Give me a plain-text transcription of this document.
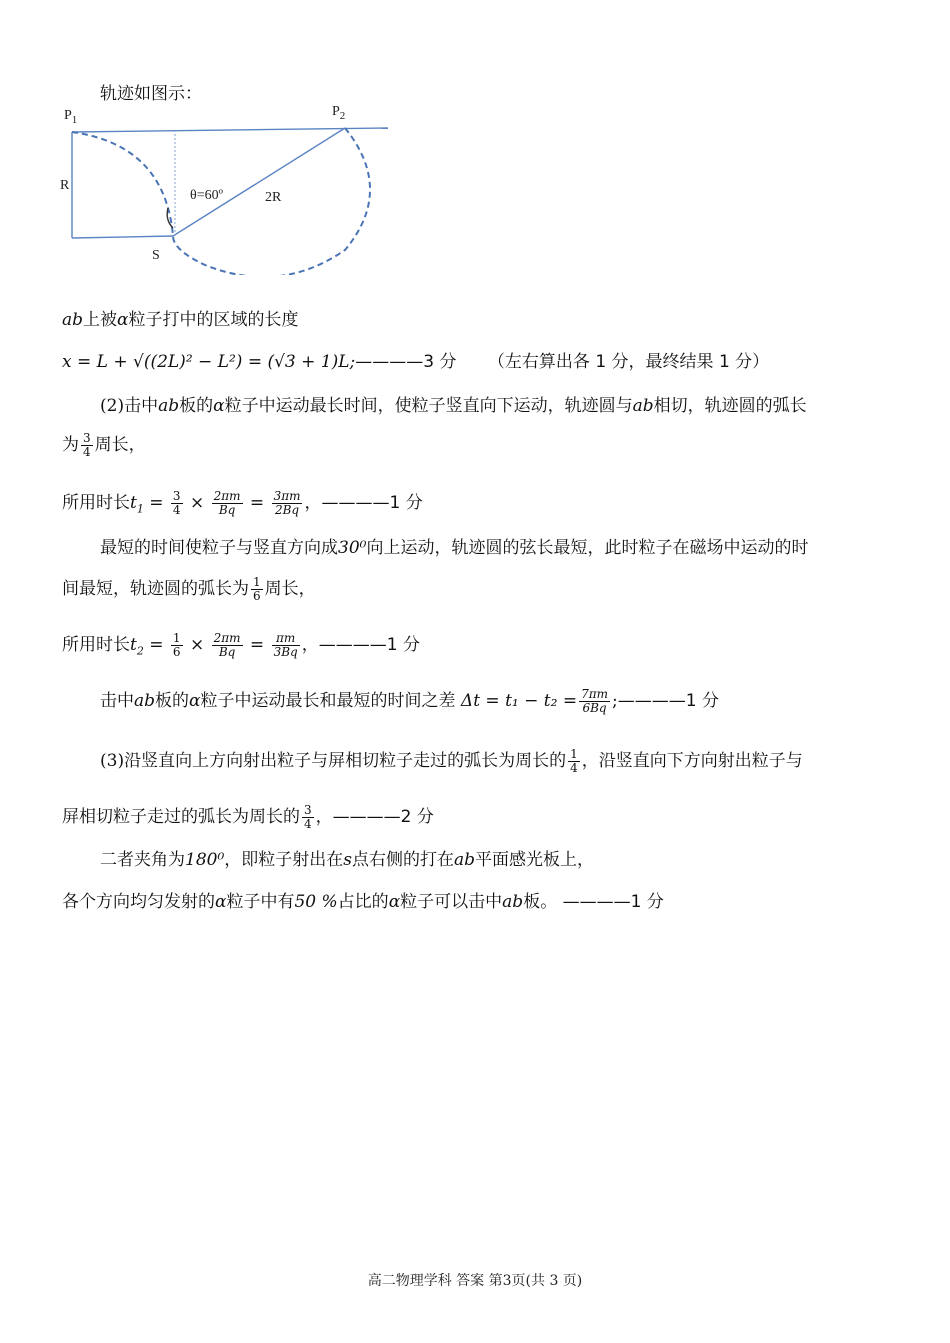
轨迹如图示：
$P_1$
$P_2$
R
S
θ=60º	2R
ab上被α粒子打中的区域的长度
x = L + √((2L)² − L²) = (√3 + 1)L;————3 分 （左右算出各 1 分，最终结果 1 分）
(2)击中ab板的α粒子中运动最长时间，使粒子竖直向下运动，轨迹圆与ab相切，轨迹圆的弧长
为 $\frac{3}{4}$ 周长，
所用时长$t_1 = \frac{3}{4} \times \frac{2\pi m}{Bq} = \frac{3\pi m}{2Bq}$ ，————1 分
最短的时间使粒子与竖直方向成30⁰向上运动，轨迹圆的弦长最短，此时粒子在磁场中运动的时
间最短，轨迹圆的弧长为 $\frac{1}{6}$ 周长，
所用时长$t_2 = \frac{1}{6} \times \frac{2\pi m}{Bq} = \frac{\pi m}{3Bq}$ ，————1 分
击中ab板的α粒子中运动最长和最短的时间之差 $\Delta t = t_1 - t_2 = \frac{7\pi m}{6Bq}$ ;————1 分
(3)沿竖直向上方向射出粒子与屏相切粒子走过的弧长为周长的 $\frac{1}{4}$ ，沿竖直向下方向射出粒子与
屏相切粒子走过的弧长为周长的 $\frac{3}{4}$ ，————2 分
二者夹角为180⁰，即粒子射出在s点右侧的打在ab平面感光板上，
各个方向均匀发射的α粒子中有50 %占比的α粒子可以击中ab板。 ————1 分
高二物理学科 答案 第3页(共 3 页)
